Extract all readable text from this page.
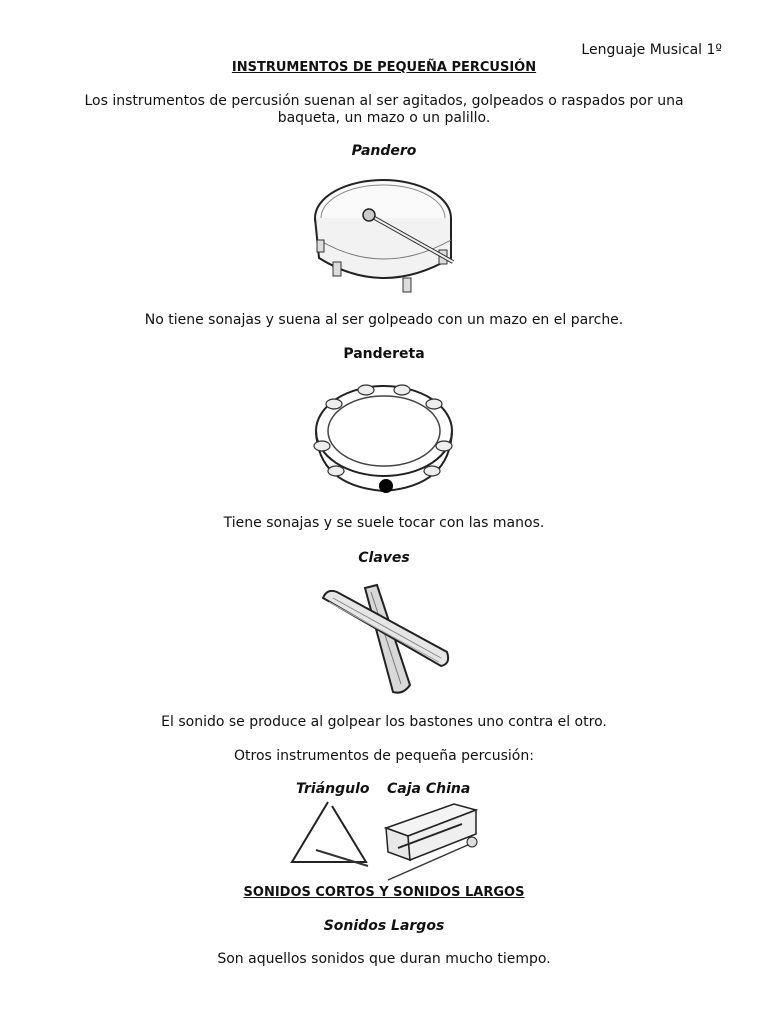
Lenguaje Musical 1º
INSTRUMENTOS DE PEQUEÑA PERCUSIÓN
Los instrumentos de percusión suenan al ser agitados, golpeados o raspados por una
baqueta, un mazo o un palillo.
Pandero
No tiene sonajas y suena al ser golpeado con un mazo en el parche.
Pandereta
Tiene sonajas y se suele tocar con las manos.
Claves
El sonido se produce al golpear los bastones uno contra el otro.
Otros instrumentos de pequeña percusión:
Triángulo Caja China
SONIDOS CORTOS Y SONIDOS LARGOS
Sonidos Largos
Son aquellos sonidos que duran mucho tiempo.
